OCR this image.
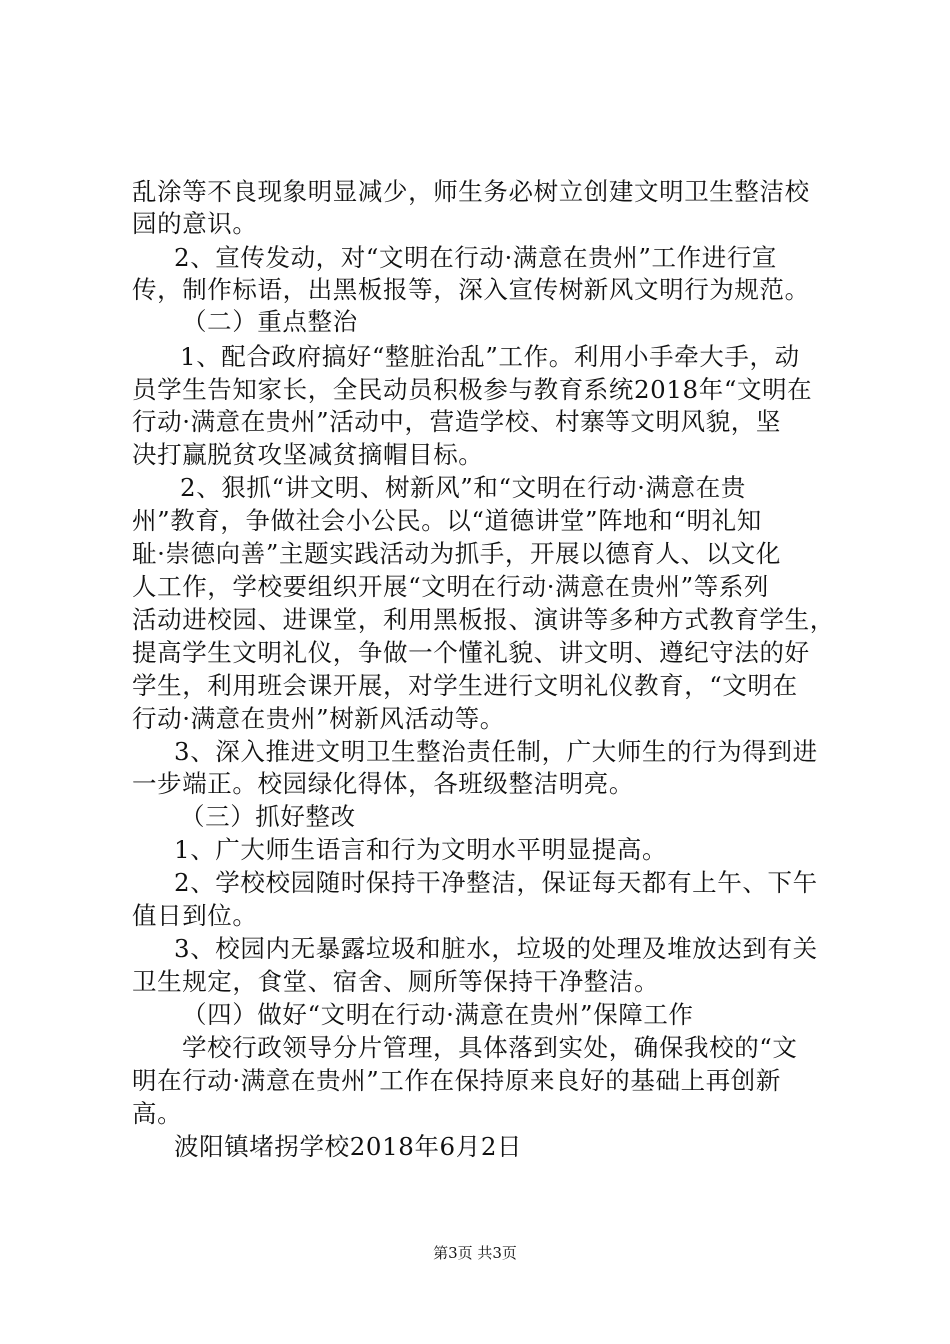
乱涂等不良现象明显减少，师生务必树立创建文明卫生整洁校
园的意识。
2、宣传发动，对“文明在行动·满意在贵州”工作进行宣
传，制作标语，出黑板报等，深入宣传树新风文明行为规范。
（二）重点整治
1、配合政府搞好“整脏治乱”工作。利用小手牵大手，动
员学生告知家长，全民动员积极参与教育系统2018年“文明在
行动·满意在贵州”活动中，营造学校、村寨等文明风貌，坚
决打赢脱贫攻坚减贫摘帽目标。
2、狠抓“讲文明、树新风”和“文明在行动·满意在贵
州”教育，争做社会小公民。以“道德讲堂”阵地和“明礼知
耻·崇德向善”主题实践活动为抓手，开展以德育人、以文化
人工作，学校要组织开展“文明在行动·满意在贵州”等系列
活动进校园、进课堂，利用黑板报、演讲等多种方式教育学生，
提高学生文明礼仪，争做一个懂礼貌、讲文明、遵纪守法的好
学生，利用班会课开展，对学生进行文明礼仪教育，“文明在
行动·满意在贵州”树新风活动等。
3、深入推进文明卫生整治责任制，广大师生的行为得到进
一步端正。校园绿化得体，各班级整洁明亮。
（三）抓好整改
1、广大师生语言和行为文明水平明显提高。
2、学校校园随时保持干净整洁，保证每天都有上午、下午
值日到位。
3、校园内无暴露垃圾和脏水，垃圾的处理及堆放达到有关
卫生规定，食堂、宿舍、厕所等保持干净整洁。
（四）做好“文明在行动·满意在贵州”保障工作
学校行政领导分片管理，具体落到实处，确保我校的“文
明在行动·满意在贵州”工作在保持原来良好的基础上再创新
高。
波阳镇堵拐学校2018年6月2日
第3页 共3页
